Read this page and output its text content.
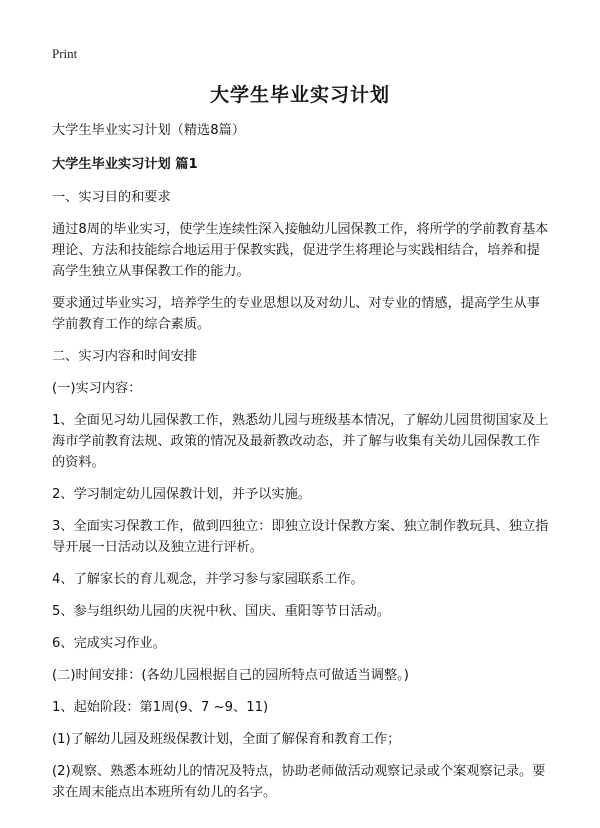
Print
大学生毕业实习计划

大学生毕业实习计划（精选8篇）

大学生毕业实习计划 篇1

一、实习目的和要求

通过8周的毕业实习，使学生连续性深入接触幼儿园保教工作，将所学的学前教育基本理论、方法和技能综合地运用于保教实践，促进学生将理论与实践相结合，培养和提高学生独立从事保教工作的能力。

要求通过毕业实习，培养学生的专业思想以及对幼儿、对专业的情感，提高学生从事学前教育工作的综合素质。

二、实习内容和时间安排

(一)实习内容：

1、全面见习幼儿园保教工作，熟悉幼儿园与班级基本情况，了解幼儿园贯彻国家及上海市学前教育法规、政策的情况及最新教改动态，并了解与收集有关幼儿园保教工作的资料。

2、学习制定幼儿园保教计划，并予以实施。

3、全面实习保教工作，做到四独立：即独立设计保教方案、独立制作教玩具、独立指导开展一日活动以及独立进行评析。

4、了解家长的育儿观念，并学习参与家园联系工作。

5、参与组织幼儿园的庆祝中秋、国庆、重阳等节日活动。

6、完成实习作业。

(二)时间安排：(各幼儿园根据自己的园所特点可做适当调整。)

1、起始阶段：第1周(9、7 ~9、11)

(1)了解幼儿园及班级保教计划，全面了解保育和教育工作；

(2)观察、熟悉本班幼儿的情况及特点，协助老师做活动观察记录或个案观察记录。要求在周末能点出本班所有幼儿的名字。
